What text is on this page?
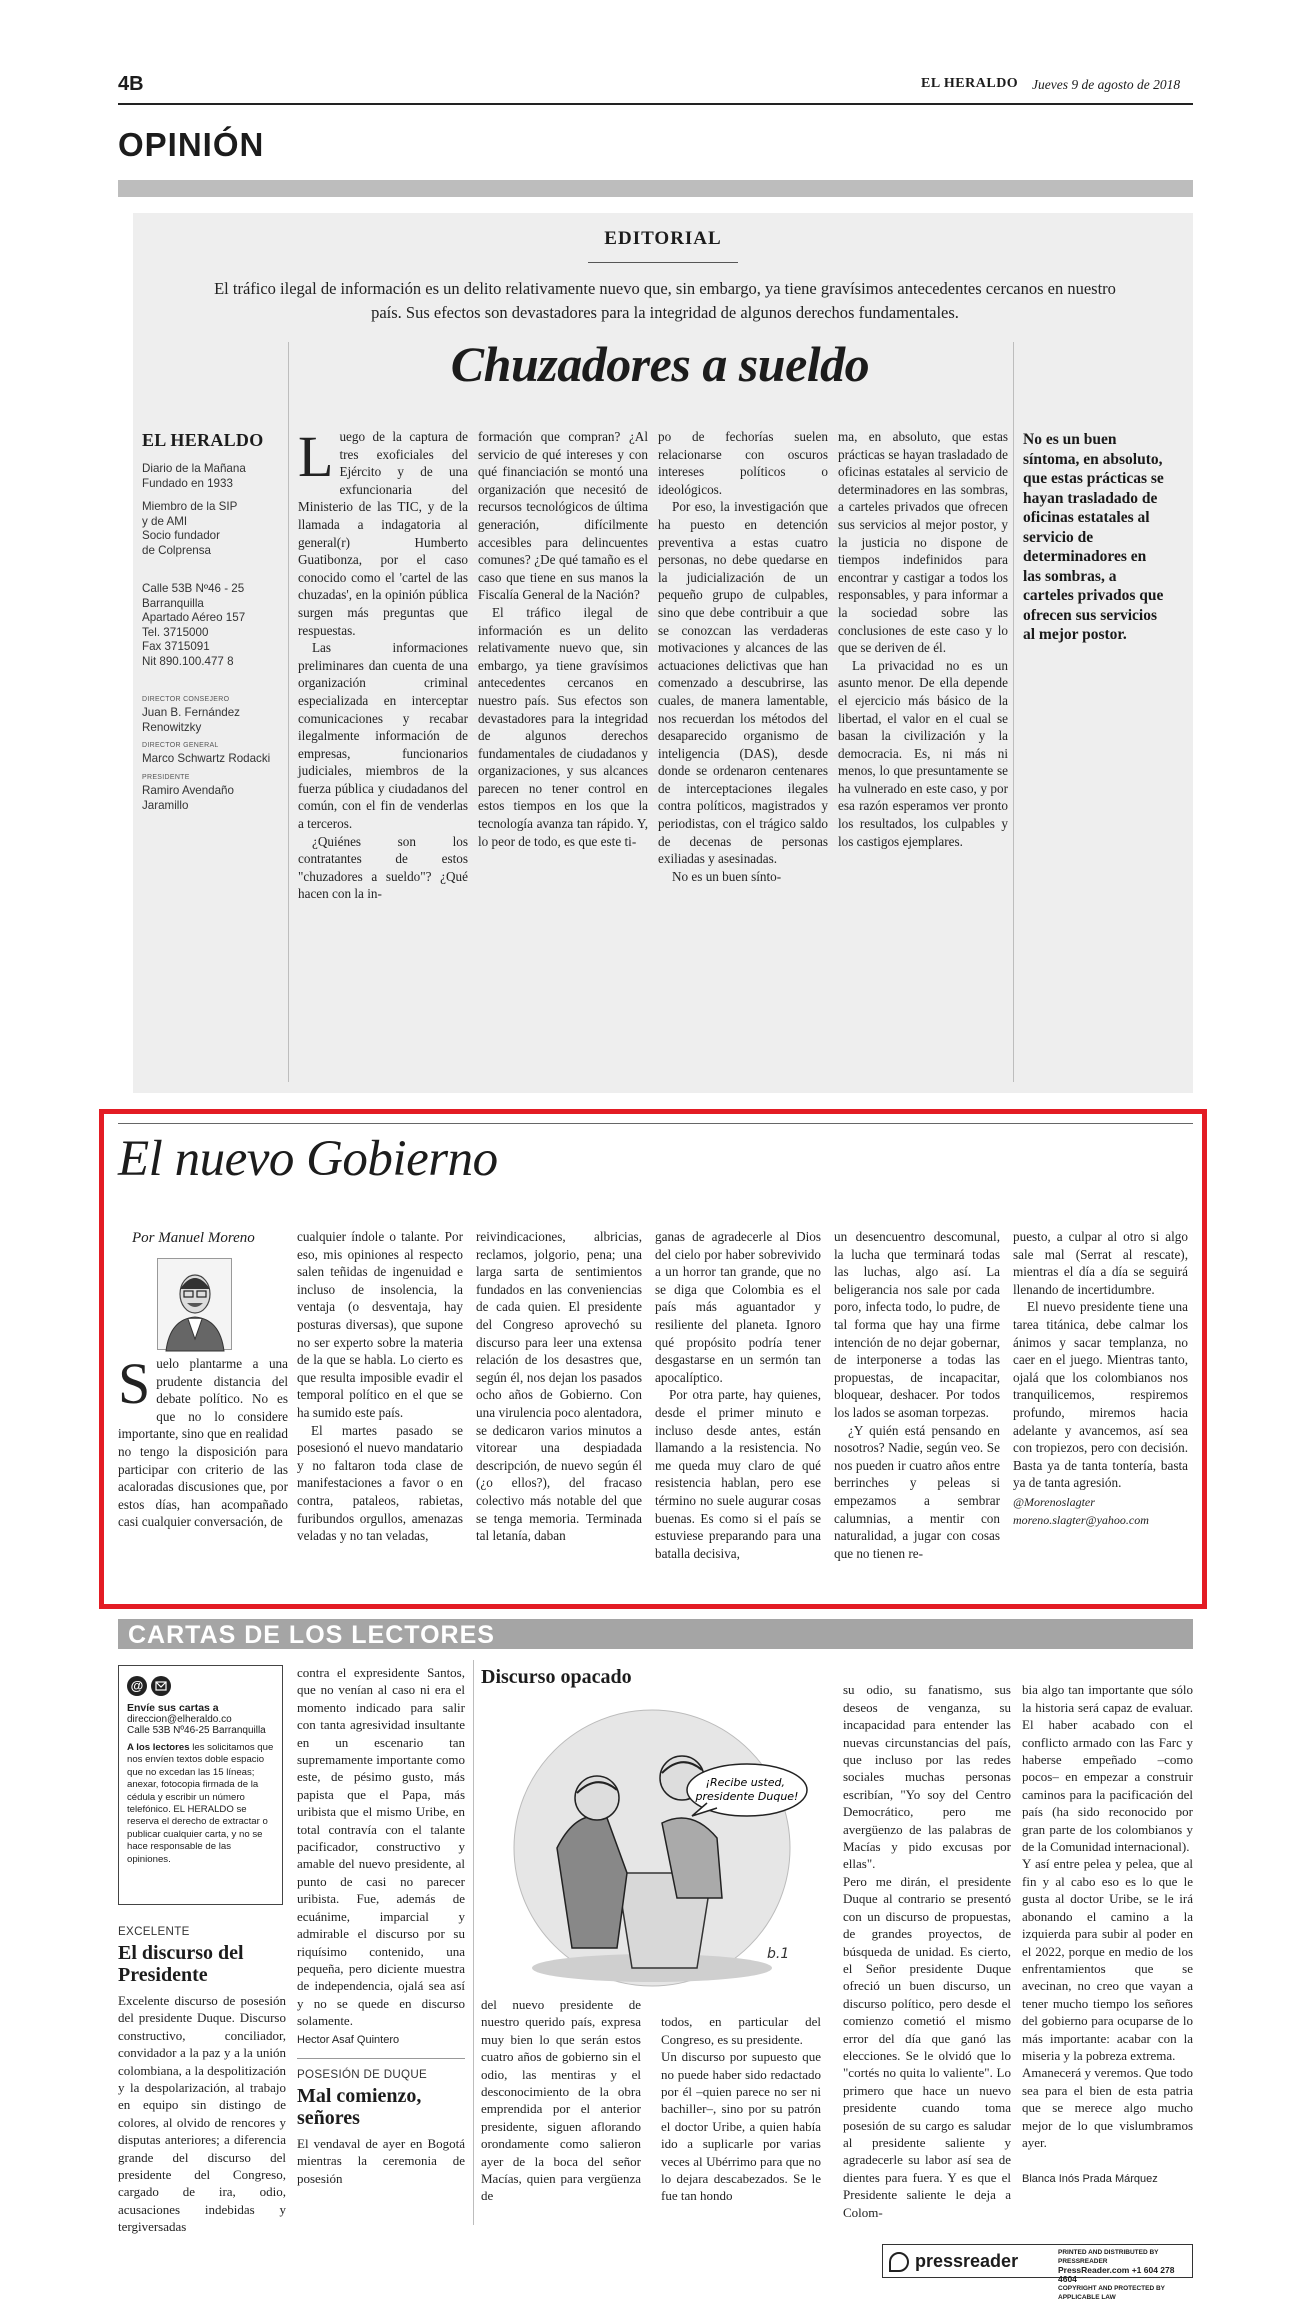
4B	EL HERALDO Jueves 9 de agosto de 2018
OPINIÓN
EDITORIAL
El tráfico ilegal de información es un delito relativamente nuevo que, sin embargo, ya tiene gravísimos antecedentes cercanos en nuestro país. Sus efectos son devastadores para la integridad de algunos derechos fundamentales.
Chuzadores a sueldo
EL HERALDO
Diario de la Mañana
Fundado en 1933
Miembro de la SIP
y de AMI
Socio fundador
de Colprensa
Calle 53B Nº46 - 25
Barranquilla
Apartado Aéreo 157
Tel. 3715000
Fax 3715091
Nit 890.100.477 8
DIRECTOR CONSEJERO
Juan B. Fernández
Renowitzky
DIRECTOR GENERAL
Marco Schwartz Rodacki
PRESIDENTE
Ramiro Avendaño
Jaramillo

Luego de la captura de tres exoficiales del Ejército y de una exfuncionaria del Ministerio de las TIC, y de la llamada a indagatoria al general(r) Humberto Guatibonza, por el caso conocido como el 'cartel de las chuzadas', en la opinión pública surgen más preguntas que respuestas.

Las informaciones preliminares dan cuenta de una organización criminal especializada en interceptar comunicaciones y recabar ilegalmente información de empresas, funcionarios judiciales, miembros de la fuerza pública y ciudadanos del común, con el fin de venderlas a terceros.

¿Quiénes son los contratantes de estos "chuzadores a sueldo"? ¿Qué hacen con la in-

formación que compran? ¿Al servicio de qué intereses y con qué financiación se montó una organización que necesitó de recursos tecnológicos de última generación, difícilmente accesibles para delincuentes comunes? ¿De qué tamaño es el caso que tiene en sus manos la Fiscalía General de la Nación?

El tráfico ilegal de información es un delito relativamente nuevo que, sin embargo, ya tiene gravísimos antecedentes cercanos en nuestro país. Sus efectos son devastadores para la integridad de algunos derechos fundamentales de ciudadanos y organizaciones, y sus alcances parecen no tener control en estos tiempos en los que la tecnología avanza tan rápido. Y, lo peor de todo, es que este ti-

po de fechorías suelen relacionarse con oscuros intereses políticos o ideológicos.

Por eso, la investigación que ha puesto en detención preventiva a estas cuatro personas, no debe quedarse en la judicialización de un pequeño grupo de culpables, sino que debe contribuir a que se conozcan las verdaderas motivaciones y alcances de las actuaciones delictivas que han comenzado a descubrirse, las cuales, de manera lamentable, nos recuerdan los métodos del desaparecido organismo de inteligencia (DAS), desde donde se ordenaron centenares de interceptaciones ilegales contra políticos, magistrados y periodistas, con el trágico saldo de decenas de personas exiliadas y asesinadas.

No es un buen sínto-

ma, en absoluto, que estas prácticas se hayan trasladado de oficinas estatales al servicio de determinadores en las sombras, a carteles privados que ofrecen sus servicios al mejor postor, y la justicia no dispone de tiempos indefinidos para encontrar y castigar a todos los responsables, y para informar a la sociedad sobre las conclusiones de este caso y lo que se deriven de él.

La privacidad no es un asunto menor. De ella depende el ejercicio más básico de la libertad, el valor en el cual se basan la civilización y la democracia. Es, ni más ni menos, lo que presuntamente se ha vulnerado en este caso, y por esa razón esperamos ver pronto los resultados, los culpables y los castigos ejemplares.

No es un buen síntoma, en absoluto, que estas prácticas se hayan trasladado de oficinas estatales al servicio de determinadores en las sombras, a carteles privados que ofrecen sus servicios al mejor postor.
El nuevo Gobierno
Por Manuel Moreno

Suelo plantarme a una prudente distancia del debate político. No es que no lo considere importante, sino que en realidad no tengo la disposición para participar con criterio de las acaloradas discusiones que, por estos días, han acompañado casi cualquier conversación, de

cualquier índole o talante. Por eso, mis opiniones al respecto salen teñidas de ingenuidad e incluso de insolencia, la ventaja (o desventaja, hay posturas diversas), que supone no ser experto sobre la materia de la que se habla. Lo cierto es que resulta imposible evadir el temporal político en el que se ha sumido este país.

El martes pasado se posesionó el nuevo mandatario y no faltaron toda clase de manifestaciones a favor o en contra, pataleos, rabietas, furibundos orgullos, amenazas veladas y no tan veladas,

reivindicaciones, albricias, reclamos, jolgorio, pena; una larga sarta de sentimientos fundados en las conveniencias de cada quien. El presidente del Congreso aprovechó su discurso para leer una extensa relación de los desastres que, según él, nos dejan los pasados ocho años de Gobierno. Con una virulencia poco alentadora, se dedicaron varios minutos a vitorear una despiadada descripción, de nuevo según él (¿o ellos?), del fracaso colectivo más notable del que se tenga memoria. Terminada tal letanía, daban

ganas de agradecerle al Dios del cielo por haber sobrevivido a un horror tan grande, que no se diga que Colombia es el país más aguantador y resiliente del planeta. Ignoro qué propósito podría tener desgastarse en un sermón tan apocalíptico.

Por otra parte, hay quienes, desde el primer minuto e incluso desde antes, están llamando a la resistencia. No me queda muy claro de qué resistencia hablan, pero ese término no suele augurar cosas buenas. Es como si el país se estuviese preparando para una batalla decisiva,

un desencuentro descomunal, la lucha que terminará todas las luchas, algo así. La beligerancia nos sale por cada poro, infecta todo, lo pudre, de tal forma que hay una firme intención de no dejar gobernar, de interponerse a todas las propuestas, de incapacitar, bloquear, deshacer. Por todos los lados se asoman torpezas.

¿Y quién está pensando en nosotros? Nadie, según veo. Se nos pueden ir cuatro años entre berrinches y peleas si empezamos a sembrar calumnias, a mentir con naturalidad, a jugar con cosas que no tienen re-

puesto, a culpar al otro si algo sale mal (Serrat al rescate), mientras el día a día se seguirá llenando de incertidumbre.

El nuevo presidente tiene una tarea titánica, debe calmar los ánimos y sacar templanza, no caer en el juego. Mientras tanto, ojalá que los colombianos nos tranquilicemos, respiremos profundo, miremos hacia adelante y avancemos, así sea con tropiezos, pero con decisión. Basta ya de tanta tontería, basta ya de tanta agresión.

@Morenoslagter
moreno.slagter@yahoo.com
CARTAS DE LOS LECTORES
@
Envíe sus cartas a
direccion@elheraldo.co
Calle 53B Nº46-25 Barranquilla
A los lectores les solicitamos que nos envíen textos doble espacio que no excedan las 15 líneas; anexar, fotocopia firmada de la cédula y escribir un número telefónico. EL HERALDO se reserva el derecho de extractar o publicar cualquier carta, y no se hace responsable de las opiniones.
EXCELENTE
El discurso del Presidente

Excelente discurso de posesión del presidente Duque. Discurso constructivo, conciliador, convidador a la paz y a la unión colombiana, a la despolitización y la despolarización, al trabajo en equipo sin distingo de colores, al olvido de rencores y disputas anteriores; a diferencia grande del discurso del presidente del Congreso, cargado de ira, odio, acusaciones indebidas y tergiversadas

contra el expresidente Santos, que no venían al caso ni era el momento indicado para salir con tanta agresividad insultante en un escenario tan supremamente importante como este, de pésimo gusto, más papista que el Papa, más uribista que el mismo Uribe, en total contravía con el talante pacificador, constructivo y amable del nuevo presidente, al punto de casi no parecer uribista. Fue, además de ecuánime, imparcial y admirable el discurso por su riquísimo contenido, una pequeña, pero diciente muestra de independencia, ojalá sea así y no se quede en discurso solamente.

Hector Asaf Quintero
POSESIÓN DE DUQUE
Mal comienzo, señores

El vendaval de ayer en Bogotá mientras la ceremonia de posesión

Discurso opacado
¡Recibe usted, presidente Duque!
b.1

del nuevo presidente de nuestro querido país, expresa muy bien lo que serán estos cuatro años de gobierno sin el odio, las mentiras y el desconocimiento de la obra emprendida por el anterior presidente, siguen aflorando orondamente como salieron ayer de la boca del señor Macías, quien para vergüenza de

todos, en particular del Congreso, es su presidente.
Un discurso por supuesto que no puede haber sido redactado por él –quien parece no ser ni bachiller–, sino por su patrón el doctor Uribe, a quien había ido a suplicarle por varias veces al Ubérrimo para que no lo dejara descabezados. Se le fue tan hondo

su odio, su fanatismo, sus deseos de venganza, su incapacidad para entender las nuevas circunstancias del país, que incluso por las redes sociales muchas personas escribían, "Yo soy del Centro Democrático, pero me avergüenzo de las palabras de Macías y pido excusas por ellas".
Pero me dirán, el presidente Duque al contrario se presentó con un discurso de propuestas, de grandes proyectos, de búsqueda de unidad. Es cierto, el Señor presidente Duque ofreció un buen discurso, un discurso político, pero desde el comienzo cometió el mismo error del día que ganó las elecciones. Se le olvidó que lo "cortés no quita lo valiente". Lo primero que hace un nuevo presidente cuando toma posesión de su cargo es saludar al presidente saliente y agradecerle su labor así sea de dientes para fuera. Y es que el Presidente saliente le deja a Colom-

bia algo tan importante que sólo la historia será capaz de evaluar. El haber acabado con el conflicto armado con las Farc y haberse empeñado –como pocos– en empezar a construir caminos para la pacificación del país (ha sido reconocido por gran parte de los colombianos y de la Comunidad internacional).
Y así entre pelea y pelea, que al fin y al cabo eso es lo que le gusta al doctor Uribe, se le irá abonando el camino a la izquierda para subir al poder en el 2022, porque en medio de los enfrentamientos que se avecinan, no creo que vayan a tener mucho tiempo los señores del gobierno para ocuparse de lo más importante: acabar con la miseria y la pobreza extrema.
Amanecerá y veremos. Que todo sea para el bien de esta patria que se merece algo mucho mejor de lo que vislumbramos ayer.

Blanca Inós Prada Márquez

pressreader	PRINTED AND DISTRIBUTED BY PRESSREADER
PressReader.com +1 604 278 4604
COPYRIGHT AND PROTECTED BY APPLICABLE LAW
